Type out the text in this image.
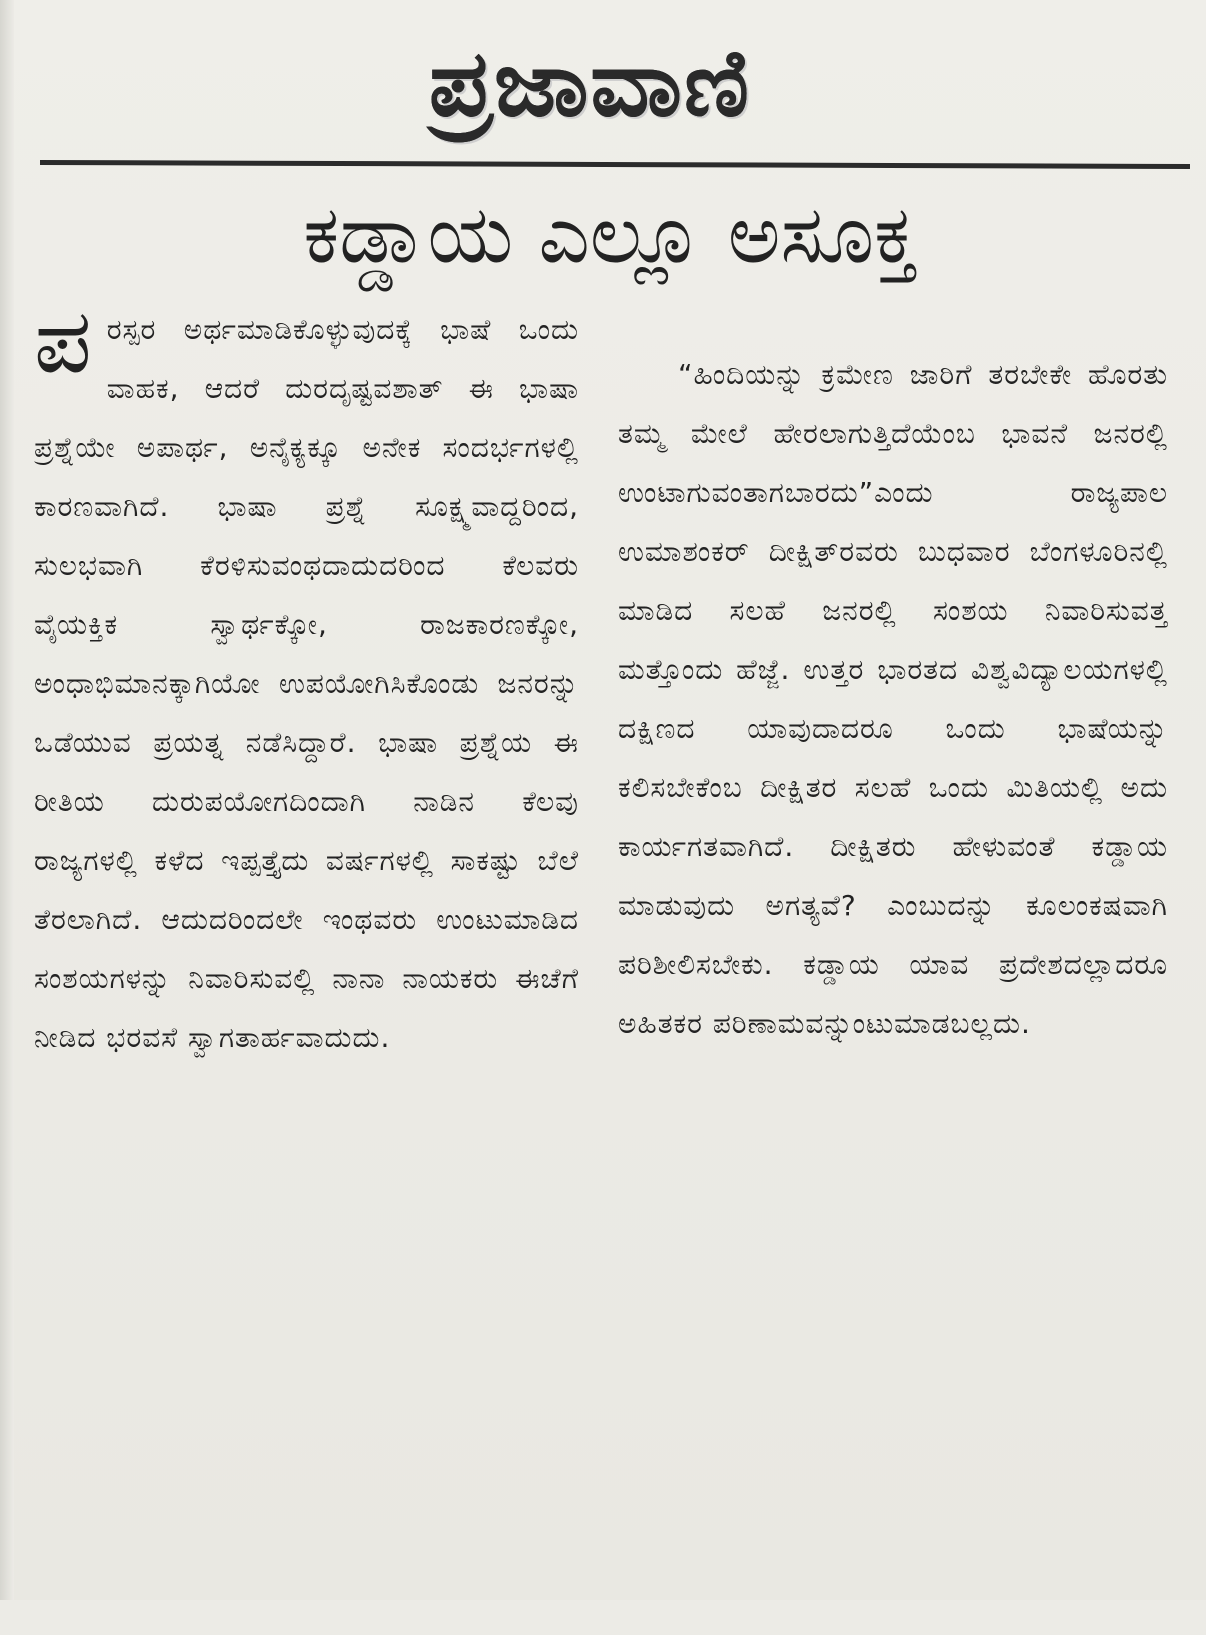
ಪ್ರಜಾವಾಣಿ
ಕಡ್ಡಾಯ ಎಲ್ಲೂ ಅಸೂಕ್ತ
ಪ ರಸ್ಪರ ಅರ್ಥಮಾಡಿಕೊಳ್ಳುವುದಕ್ಕೆ ಭಾಷೆ ಒಂದು ವಾಹಕ, ಆದರೆ ದುರದೃಷ್ಟವಶಾತ್ ಈ ಭಾಷಾ ಪ್ರಶ್ನೆಯೇ ಅಪಾರ್ಥ, ಅನೈಕ್ಯಕ್ಕೂ ಅನೇಕ ಸಂದರ್ಭಗಳಲ್ಲಿ ಕಾರಣವಾಗಿದೆ. ಭಾಷಾ ಪ್ರಶ್ನೆ ಸೂಕ್ಷ್ಮವಾದ್ದರಿಂದ, ಸುಲಭವಾಗಿ ಕೆರಳಿಸುವಂಥದಾದುದರಿಂದ ಕೆಲವರು ವೈಯಕ್ತಿಕ ಸ್ವಾರ್ಥಕ್ಕೋ, ರಾಜಕಾರಣಕ್ಕೋ, ಅಂಧಾಭಿಮಾನಕ್ಕಾಗಿಯೋ ಉಪಯೋಗಿಸಿಕೊಂಡು ಜನರನ್ನು ಒಡೆಯುವ ಪ್ರಯತ್ನ ನಡೆಸಿದ್ದಾರೆ. ಭಾಷಾ ಪ್ರಶ್ನೆಯ ಈ ರೀತಿಯ ದುರುಪಯೋಗದಿಂದಾಗಿ ನಾಡಿನ ಕೆಲವು ರಾಜ್ಯಗಳಲ್ಲಿ ಕಳೆದ ಇಪ್ಪತ್ತೈದು ವರ್ಷಗಳಲ್ಲಿ ಸಾಕಷ್ಟು ಬೆಲೆ ತೆರಲಾಗಿದೆ. ಆದುದರಿಂದಲೇ ಇಂಥವರು ಉಂಟುಮಾಡಿದ ಸಂಶಯಗಳನ್ನು ನಿವಾರಿಸುವಲ್ಲಿ ನಾನಾ ನಾಯಕರು ಈಚೆಗೆ ನೀಡಿದ ಭರವಸೆ ಸ್ವಾಗತಾರ್ಹವಾದುದು.

“ಹಿಂದಿಯನ್ನು ಕ್ರಮೇಣ ಜಾರಿಗೆ ತರಬೇಕೇ ಹೊರತು ತಮ್ಮ ಮೇಲೆ ಹೇರಲಾಗುತ್ತಿದೆಯೆಂಬ ಭಾವನೆ ಜನರಲ್ಲಿ ಉಂಟಾಗುವಂತಾಗಬಾರದು”ಎಂದು ರಾಜ್ಯಪಾಲ ಉಮಾಶಂಕರ್ ದೀಕ್ಷಿತ್‌ರವರು ಬುಧವಾರ ಬೆಂಗಳೂರಿನಲ್ಲಿ ಮಾಡಿದ ಸಲಹೆ ಜನರಲ್ಲಿ ಸಂಶಯ ನಿವಾರಿಸುವತ್ತ ಮತ್ತೊಂದು ಹೆಜ್ಜೆ. ಉತ್ತರ ಭಾರತದ ವಿಶ್ವವಿದ್ಯಾಲಯಗಳಲ್ಲಿ ದಕ್ಷಿಣದ ಯಾವುದಾದರೂ ಒಂದು ಭಾಷೆಯನ್ನು ಕಲಿಸಬೇಕೆಂಬ ದೀಕ್ಷಿತರ ಸಲಹೆ ಒಂದು ಮಿತಿಯಲ್ಲಿ ಅದು ಕಾರ್ಯಗತವಾಗಿದೆ. ದೀಕ್ಷಿತರು ಹೇಳುವಂತೆ ಕಡ್ಡಾಯ ಮಾಡುವುದು ಅಗತ್ಯವೆ? ಎಂಬುದನ್ನು ಕೂಲಂಕಷವಾಗಿ ಪರಿಶೀಲಿಸಬೇಕು. ಕಡ್ಡಾಯ ಯಾವ ಪ್ರದೇಶದಲ್ಲಾದರೂ ಅಹಿತಕರ ಪರಿಣಾಮವನ್ನುಂಟುಮಾಡಬಲ್ಲದು.
